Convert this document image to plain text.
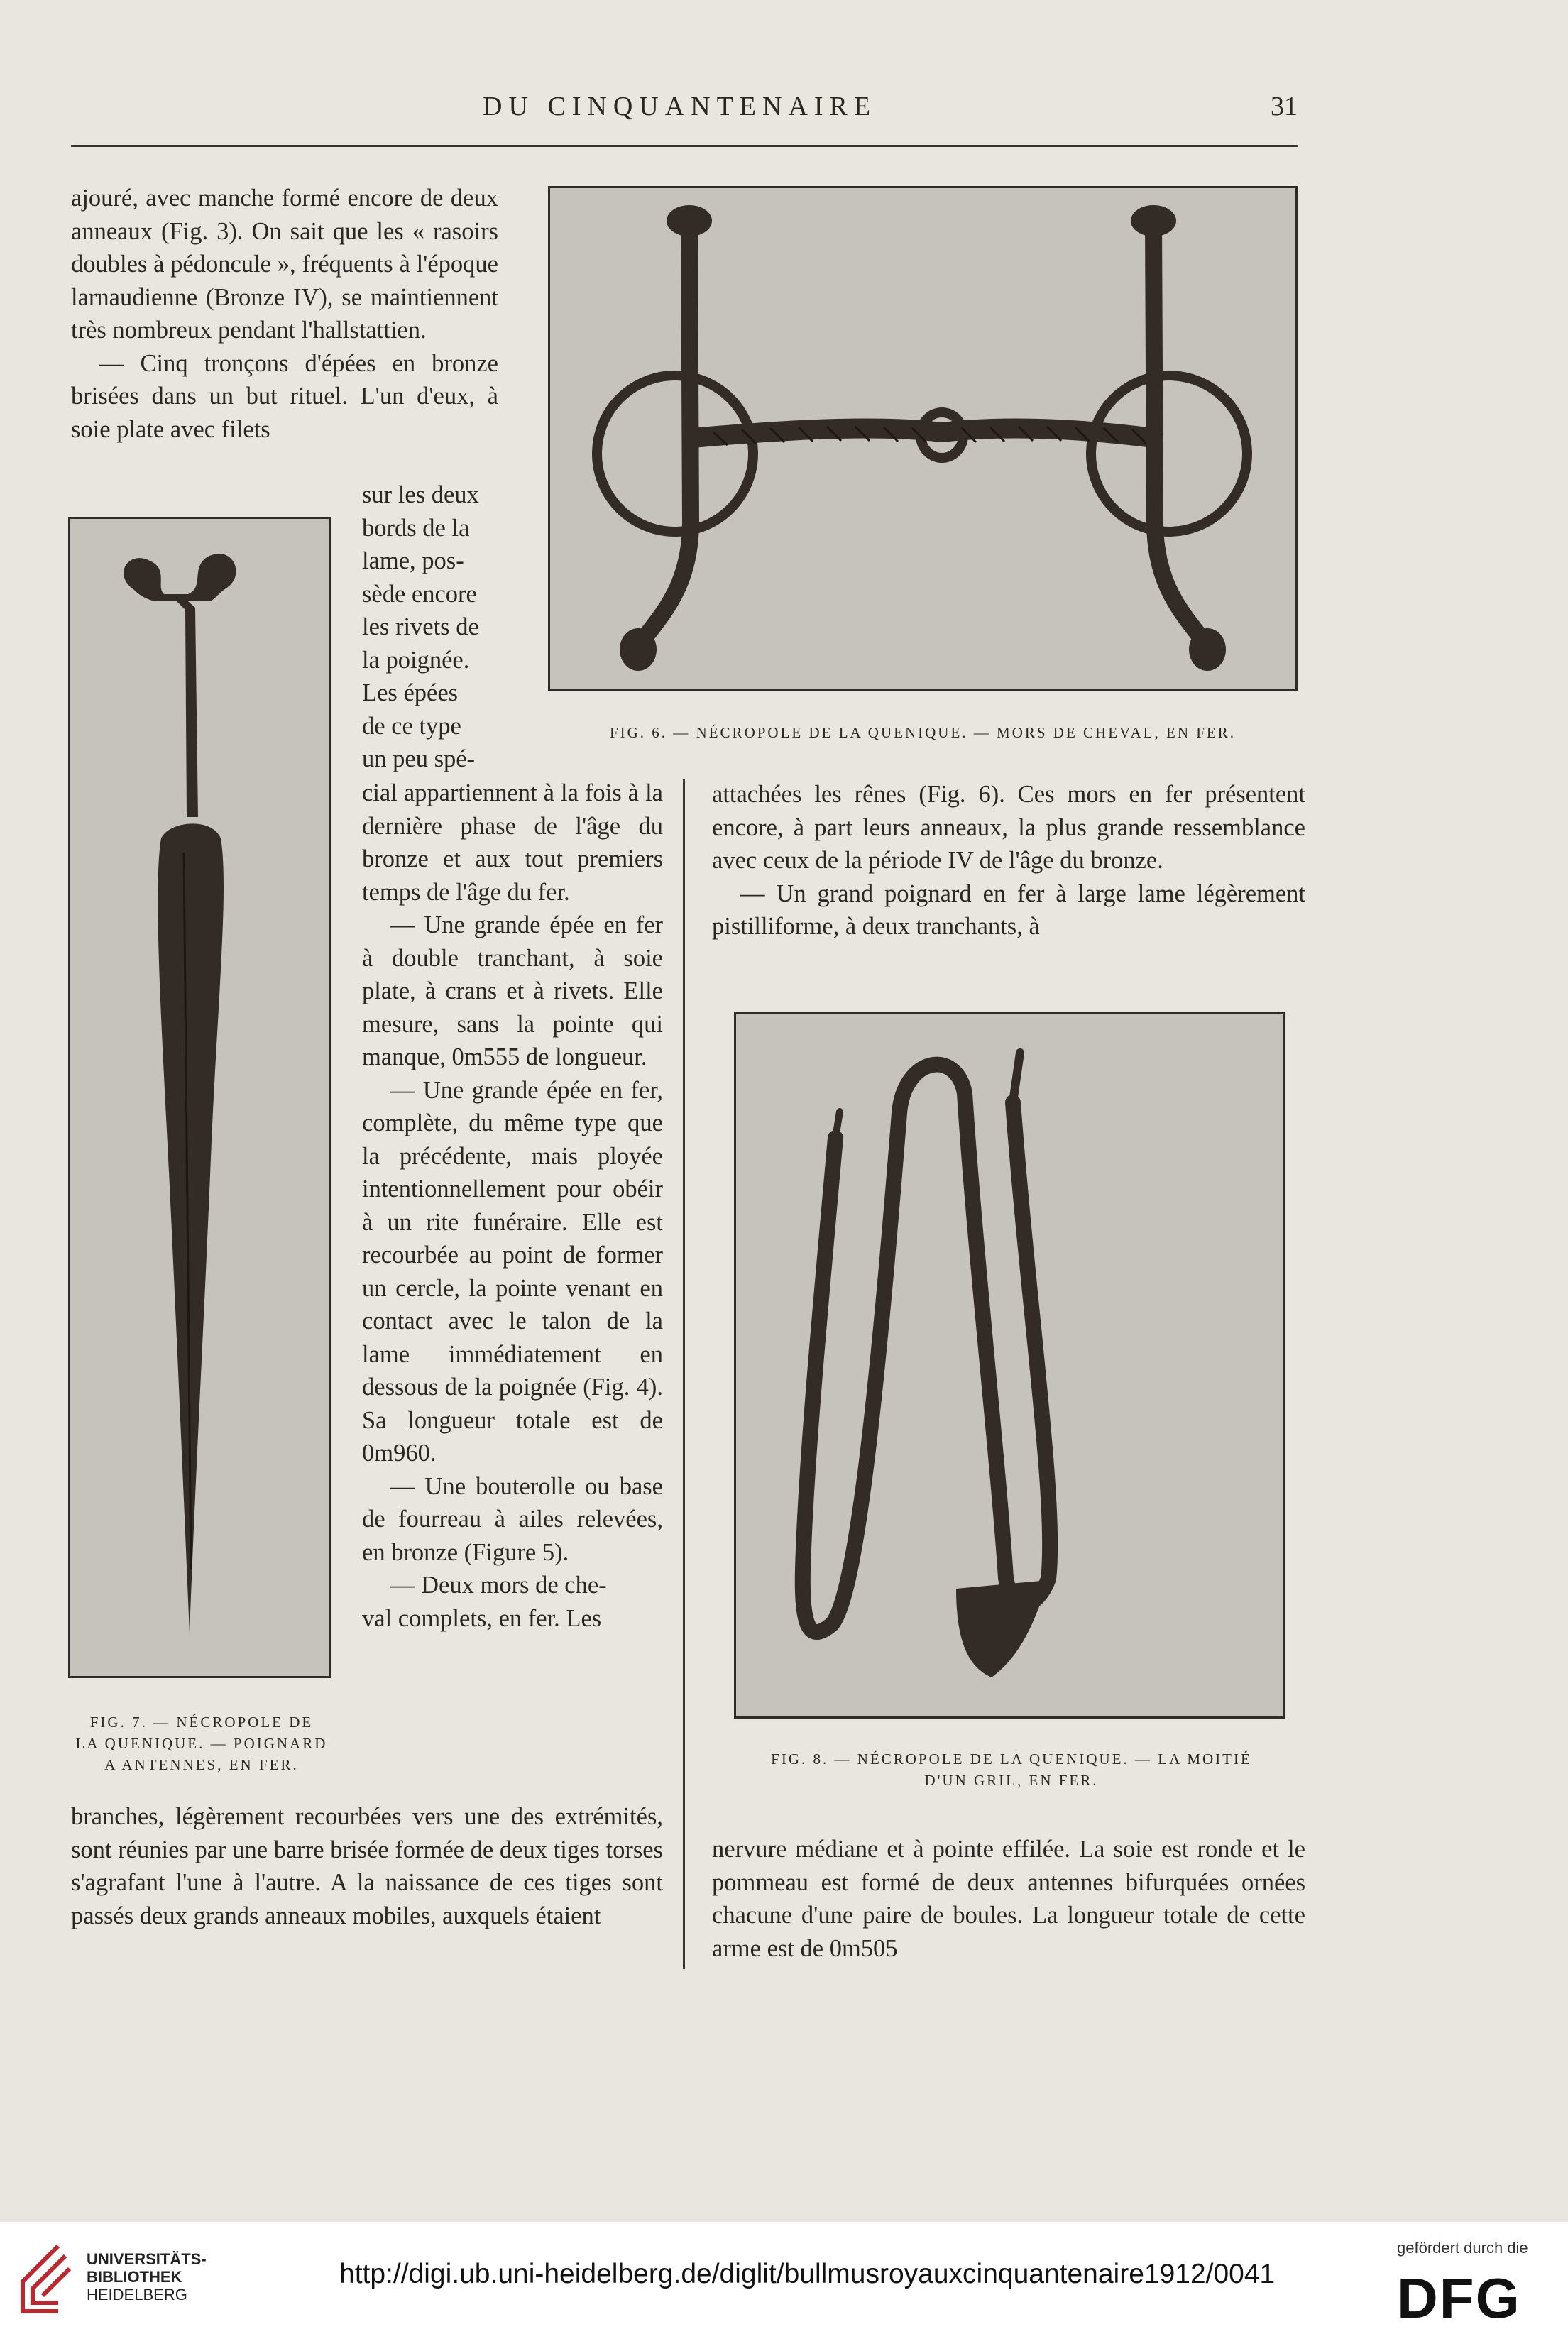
DU CINQUANTENAIRE	31

ajouré, avec manche formé encore de deux anneaux (Fig. 3). On sait que les « rasoirs doubles à pédoncule », fréquents à l'époque larnaudienne (Bronze IV), se maintiennent très nombreux pendant l'hallstattien.

— Cinq tronçons d'épées en bronze brisées dans un but rituel. L'un d'eux, à soie plate avec filets

sur les deux
bords de la
lame, pos-
sède encore
les rivets de
la poignée.
Les épées
de ce type
un peu spé-

cial appartiennent à la fois à la dernière phase de l'âge du bronze et aux tout premiers temps de l'âge du fer.

— Une grande épée en fer à double tranchant, à soie plate, à crans et à rivets. Elle mesure, sans la pointe qui manque, 0m555 de longueur.

— Une grande épée en fer, complète, du même type que la précédente, mais ployée intentionnellement pour obéir à un rite funéraire. Elle est recourbée au point de former un cercle, la pointe venant en contact avec le talon de la lame immédiatement en dessous de la poignée (Fig. 4). Sa longueur totale est de 0m960.

— Une bouterolle ou base de fourreau à ailes relevées, en bronze (Figure 5).

— Deux mors de che-

val complets, en fer. Les

FIG. 7. — NÉCROPOLE DE
LA QUENIQUE. — POIGNARD
A ANTENNES, EN FER.

branches, légèrement recourbées vers une des extrémités, sont réunies par une barre brisée formée de deux tiges torses s'agrafant l'une à l'autre. A la naissance de ces tiges sont passés deux grands anneaux mobiles, auxquels étaient

FIG. 6. — NÉCROPOLE DE LA QUENIQUE. — MORS DE CHEVAL, EN FER.

attachées les rênes (Fig. 6). Ces mors en fer présentent encore, à part leurs anneaux, la plus grande ressemblance avec ceux de la période IV de l'âge du bronze.

— Un grand poignard en fer à large lame légèrement pistilliforme, à deux tranchants, à

FIG. 8. — NÉCROPOLE DE LA QUENIQUE. — LA MOITIÉ
D'UN GRIL, EN FER.

nervure médiane et à pointe effilée. La soie est ronde et le pommeau est formé de deux antennes bifurquées ornées chacune d'une paire de boules. La longueur totale de cette arme est de 0m505

UNIVERSITÄTS-
BIBLIOTHEK
HEIDELBERG
http://digi.ub.uni-heidelberg.de/diglit/bullmusroyauxcinquantenaire1912/0041
gefördert durch die
DFG
